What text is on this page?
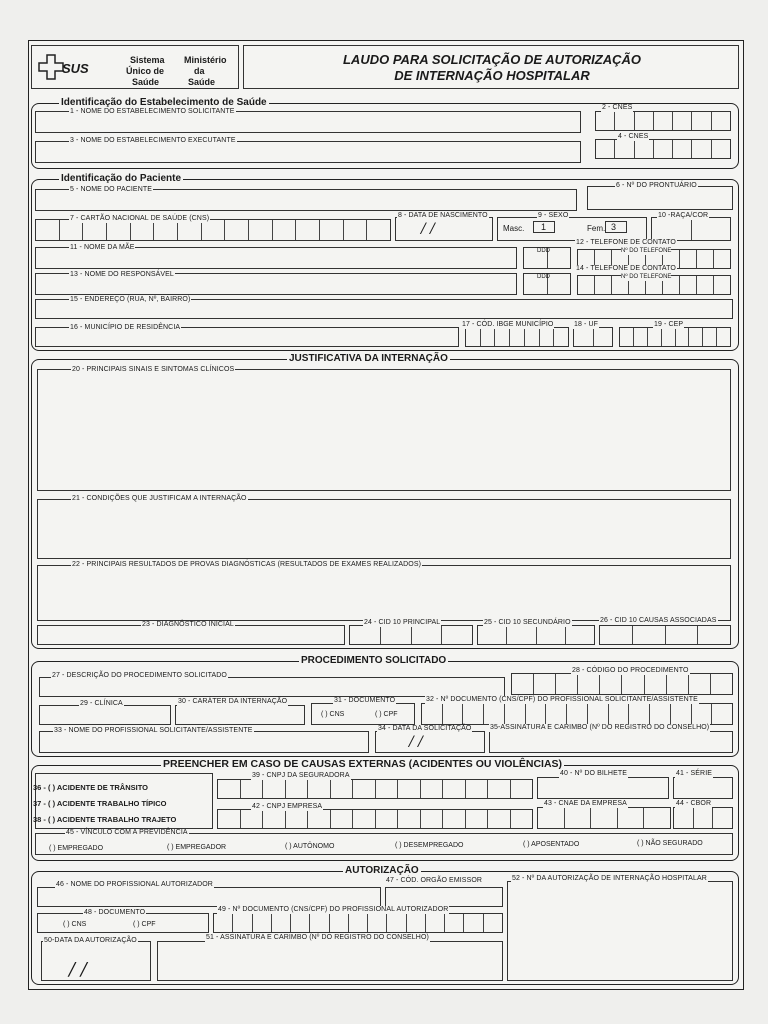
SUS
Sistema
Único de
Saúde
Ministério
da
Saúde
LAUDO PARA SOLICITAÇÃO DE AUTORIZAÇÃO
DE INTERNAÇÃO HOSPITALAR
Identificação do Estabelecimento de Saúde
1 - NOME DO ESTABELECIMENTO SOLICITANTE
2 - CNES
3 - NOME DO ESTABELECIMENTO EXECUTANTE
4 - CNES
Identificação do Paciente
5 - NOME DO PACIENTE
6 - Nº DO PRONTUÁRIO
7 - CARTÃO NACIONAL DE SAÚDE (CNS)	8 - DATA DE NASCIMENTO
/ /
9 - SEXO
Masc. 1	Fem. 3
10 -RAÇA/COR
11 - NOME DA MÃE	DDD
12 - TELEFONE DE CONTATO
Nº DO TELEFONE
13 - NOME DO RESPONSÁVEL	DDD
14 - TELEFONE DE CONTATO
Nº DO TELEFONE
15 - ENDEREÇO (RUA, Nº, BAIRRO)
16 - MUNICÍPIO DE RESIDÊNCIA	17 - CÓD. IBGE MUNICÍPIO	18 - UF	19 - CEP
JUSTIFICATIVA DA INTERNAÇÃO
20 - PRINCIPAIS SINAIS E SINTOMAS CLÍNICOS
21 - CONDIÇÕES QUE JUSTIFICAM A INTERNAÇÃO
22 - PRINCIPAIS RESULTADOS DE PROVAS DIAGNÓSTICAS (RESULTADOS DE EXAMES REALIZADOS)
23 - DIAGNÓSTICO INICIAL	24 - CID 10 PRINCIPAL	25 - CID 10 SECUNDÁRIO	26 - CID 10 CAUSAS ASSOCIADAS
PROCEDIMENTO SOLICITADO
27 - DESCRIÇÃO DO PROCEDIMENTO SOLICITADO
28 - CÓDIGO DO PROCEDIMENTO
29 - CLÍNICA	30 - CARÁTER DA INTERNAÇÃO	31 - DOCUMENTO
( ) CNS	( ) CPF
32 - Nº DOCUMENTO (CNS/CPF) DO PROFISSIONAL SOLICITANTE/ASSISTENTE
33 - NOME DO PROFISSIONAL SOLICITANTE/ASSISTENTE	34 - DATA DA SOLICITAÇÃO
/ /
35-ASSINATURA E CARIMBO (Nº DO REGISTRO DO CONSELHO)
PREENCHER EM CASO DE CAUSAS EXTERNAS (ACIDENTES OU VIOLÊNCIAS)
36 - ( ) ACIDENTE DE TRÂNSITO
37 - ( ) ACIDENTE TRABALHO TÍPICO
38 - ( ) ACIDENTE TRABALHO TRAJETO
39 - CNPJ DA SEGURADORA	40 - Nº DO BILHETE	41 - SÉRIE
42 - CNPJ EMPRESA	43 - CNAE DA EMPRESA	44 - CBOR
45 - VÍNCULO COM A PREVIDÊNCIA
( ) EMPREGADO	( ) EMPREGADOR	( ) AUTÔNOMO	( ) DESEMPREGADO	( ) APOSENTADO	( ) NÃO SEGURADO
AUTORIZAÇÃO
46 - NOME DO PROFISSIONAL AUTORIZADOR
47 - CÓD. ORGÃO EMISSOR	52 - Nº DA AUTORIZAÇÃO DE INTERNAÇÃO HOSPITALAR
48 - DOCUMENTO
( ) CNS	( ) CPF
49 - Nº DOCUMENTO (CNS/CPF) DO PROFISSIONAL AUTORIZADOR
50-DATA DA AUTORIZAÇÃO
/ /
51 - ASSINATURA E CARIMBO (Nº DO REGISTRO DO CONSELHO)
